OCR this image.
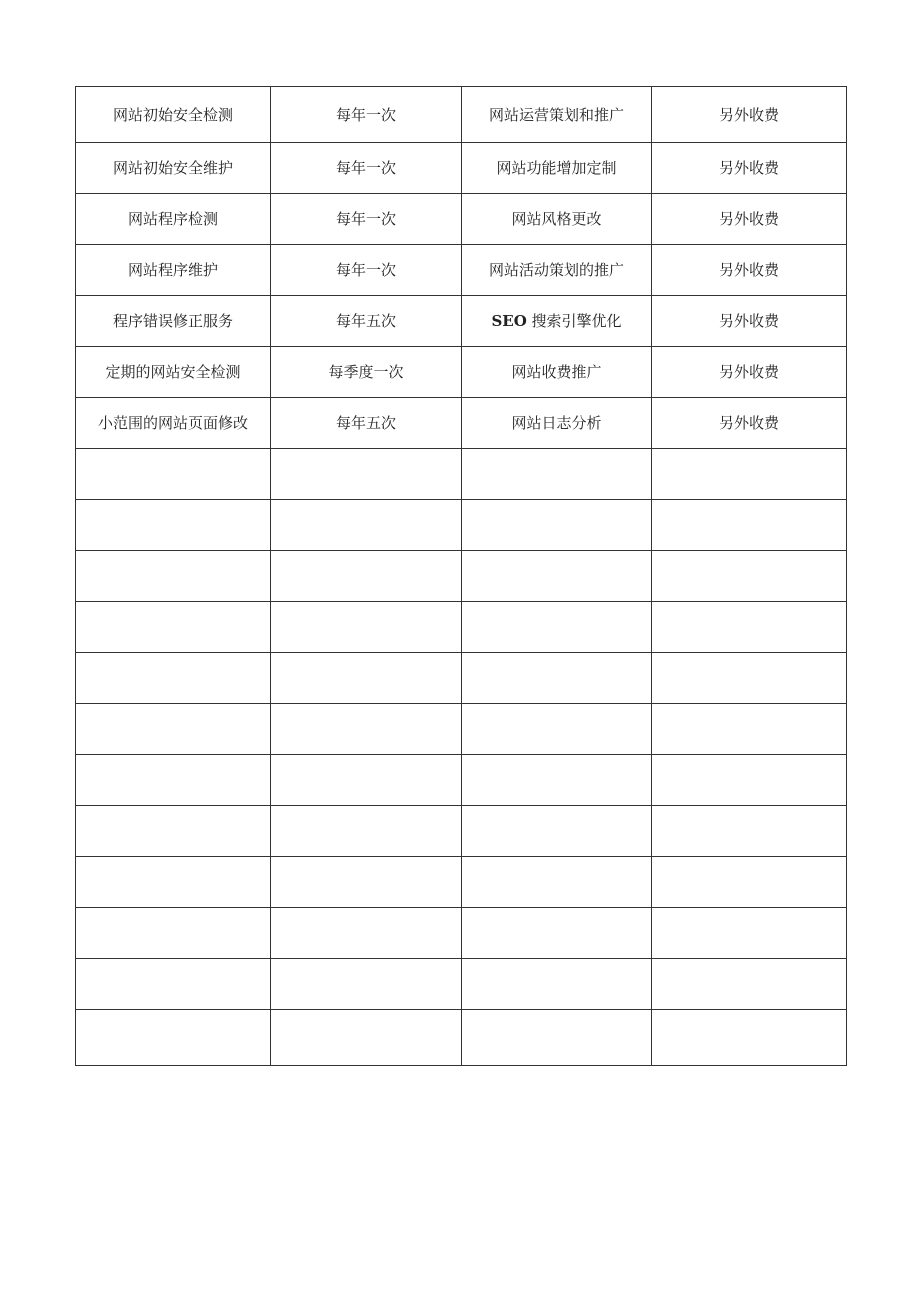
网站初始安全检测	每年一次	网站运营策划和推广	另外收费
网站初始安全维护	每年一次	网站功能增加定制	另外收费
网站程序检测	每年一次	网站风格更改	另外收费
网站程序维护	每年一次	网站活动策划的推广	另外收费
程序错误修正服务	每年五次	SEO 搜索引擎优化	另外收费
定期的网站安全检测	每季度一次	网站收费推广	另外收费
小范围的网站页面修改	每年五次	网站日志分析	另外收费
